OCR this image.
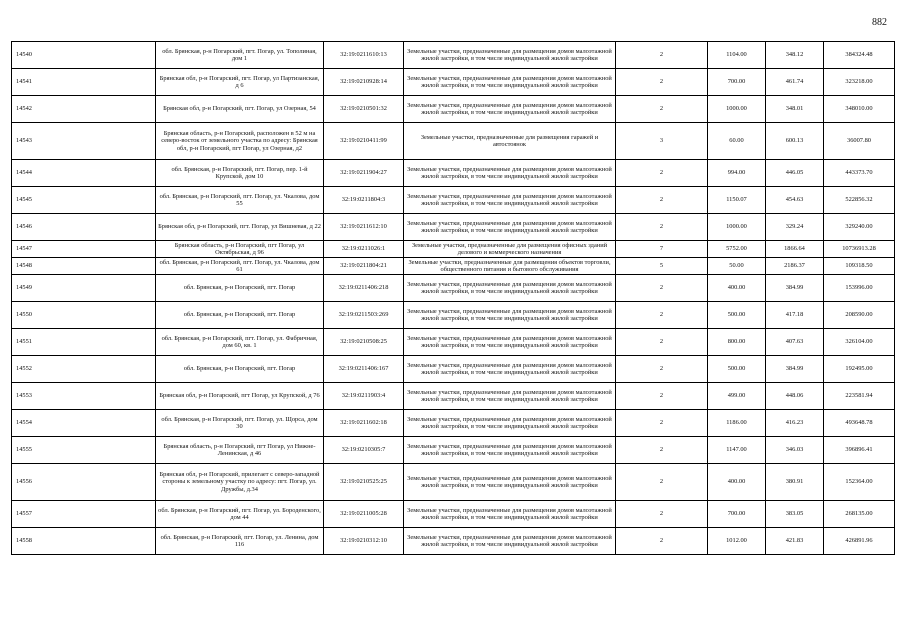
882
14540	обл. Брянская, р-н Погарский, пгт. Погар, ул. Тополиная, дом 1	32:19:0211610:13	Земельные участки, предназначенные для размещения домов малоэтажной жилой застройки, в том числе индивидуальной жилой застройки	2	1104.00	348.12	384324.48
14541	Брянская обл, р-н Погарский, пгт. Погар, ул Партизанская, д 6	32:19:0210928:14	Земельные участки, предназначенные для размещения домов малоэтажной жилой застройки, в том числе индивидуальной жилой застройки	2	700.00	461.74	323218.00
14542	Брянская обл, р-н Погарский, пгт. Погар, ул Озерная, 54	32:19:0210501:32	Земельные участки, предназначенные для размещения домов малоэтажной жилой застройки, в том числе индивидуальной жилой застройки	2	1000.00	348.01	348010.00
14543	Брянская область, р-н Погарский, расположен в 52 м на северо-восток от земельного участка по адресу: Брянская обл, р-н Погарский, пгт Погар, ул Озерная, д2	32:19:0210411:99	Земельные участки, предназначенные для размещения гаражей и автостоянок	3	60.00	600.13	36007.80
14544	обл. Брянская, р-н Погарский, пгт. Погар, пер. 1-й Крупской, дом 10	32:19:0211904:27	Земельные участки, предназначенные для размещения домов малоэтажной жилой застройки, в том числе индивидуальной жилой застройки	2	994.00	446.05	443373.70
14545	обл. Брянская, р-н Погарский, пгт. Погар, ул. Чкалова, дом 55	32:19:0211804:3	Земельные участки, предназначенные для размещения домов малоэтажной жилой застройки, в том числе индивидуальной жилой застройки	2	1150.07	454.63	522856.32
14546	Брянская обл, р-н Погарский, пгт. Погар, ул Вишневая, д 22	32:19:0211612:10	Земельные участки, предназначенные для размещения домов малоэтажной жилой застройки, в том числе индивидуальной жилой застройки	2	1000.00	329.24	329240.00
14547	Брянская область, р-н Погарский, пгт Погар, ул Октябрьская, д 96	32:19:0211026:1	Земельные участки, предназначенные для размещения офисных зданий делового и коммерческого назначения	7	5752.00	1866.64	10736913.28
14548	обл. Брянская, р-н Погарский, пгт. Погар, ул. Чкалова, дом 61	32:19:0211804:21	Земельные участки, предназначенные для размещения объектов торговли, общественного питания и бытового обслуживания	5	50.00	2186.37	109318.50
14549	обл. Брянская, р-н Погарский, пгт. Погар	32:19:0211406:218	Земельные участки, предназначенные для размещения домов малоэтажной жилой застройки, в том числе индивидуальной жилой застройки	2	400.00	384.99	153996.00
14550	обл. Брянская, р-н Погарский, пгт. Погар	32:19:0211503:269	Земельные участки, предназначенные для размещения домов малоэтажной жилой застройки, в том числе индивидуальной жилой застройки	2	500.00	417.18	208590.00
14551	обл. Брянская, р-н Погарский, пгт. Погар, ул. Фабричная, дом 60, кв. 1	32:19:0210508:25	Земельные участки, предназначенные для размещения домов малоэтажной жилой застройки, в том числе индивидуальной жилой застройки	2	800.00	407.63	326104.00
14552	обл. Брянская, р-н Погарский, пгт. Погар	32:19:0211406:167	Земельные участки, предназначенные для размещения домов малоэтажной жилой застройки, в том числе индивидуальной жилой застройки	2	500.00	384.99	192495.00
14553	Брянская обл, р-н Погарский, пгт Погар, ул Крупской, д 76	32:19:0211903:4	Земельные участки, предназначенные для размещения домов малоэтажной жилой застройки, в том числе индивидуальной жилой застройки	2	499.00	448.06	223581.94
14554	обл. Брянская, р-н Погарский, пгт. Погар, ул. Щорса, дом 30	32:19:0211602:18	Земельные участки, предназначенные для размещения домов малоэтажной жилой застройки, в том числе индивидуальной жилой застройки	2	1186.00	416.23	493648.78
14555	Брянская область, р-н Погарский, пгт Погар, ул Нижне-Ленинская, д 46	32:19:0210305:7	Земельные участки, предназначенные для размещения домов малоэтажной жилой застройки, в том числе индивидуальной жилой застройки	2	1147.00	346.03	396896.41
14556	Брянская обл, р-н Погарский, прилегает с северо-западной стороны к земельному участку по адресу: пгт. Погар, ул. Дружбы, д.34	32:19:0210525:25	Земельные участки, предназначенные для размещения домов малоэтажной жилой застройки, в том числе индивидуальной жилой застройки	2	400.00	380.91	152364.00
14557	обл. Брянская, р-н Погарский, пгт. Погар, ул. Бороденского, дом 44	32:19:0211005:28	Земельные участки, предназначенные для размещения домов малоэтажной жилой застройки, в том числе индивидуальной жилой застройки	2	700.00	383.05	268135.00
14558	обл. Брянская, р-н Погарский, пгт. Погар, ул. Ленина, дом 116	32:19:0210312:10	Земельные участки, предназначенные для размещения домов малоэтажной жилой застройки, в том числе индивидуальной жилой застройки	2	1012.00	421.83	426891.96
